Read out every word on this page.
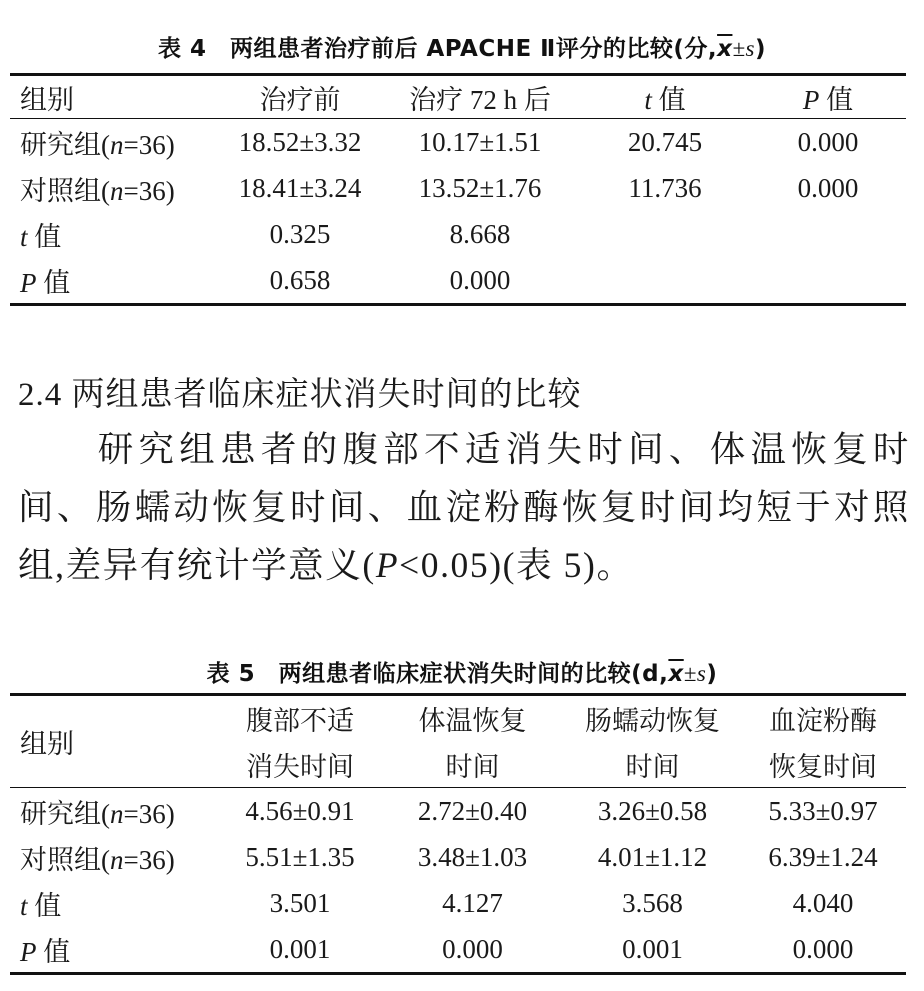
表 4　两组患者治疗前后 APACHE Ⅱ评分的比较(分$,\overline{x}\pm s$)
组别	治疗前	治疗 72 h 后	t 值	P 值
研究组(n=36)	18.52±3.32	10.17±1.51	20.745	0.000
对照组(n=36)	18.41±3.24	13.52±1.76	11.736	0.000
t 值	0.325	8.668		
P 值	0.658	0.000		
2.4 两组患者临床症状消失时间的比较
研究组患者的腹部不适消失时间、体温恢复时间、肠蠕动恢复时间、血淀粉酶恢复时间均短于对照组,差异有统计学意义(P<0.05)(表 5)。
表 5　两组患者临床症状消失时间的比较$(d,\overline{x}\pm s)$
组别	腹部不适	体温恢复	肠蠕动恢复	血淀粉酶
	消失时间	时间	时间	恢复时间
研究组(n=36)	4.56±0.91	2.72±0.40	3.26±0.58	5.33±0.97
对照组(n=36)	5.51±1.35	3.48±1.03	4.01±1.12	6.39±1.24
t 值	3.501	4.127	3.568	4.040
P 值	0.001	0.000	0.001	0.000
